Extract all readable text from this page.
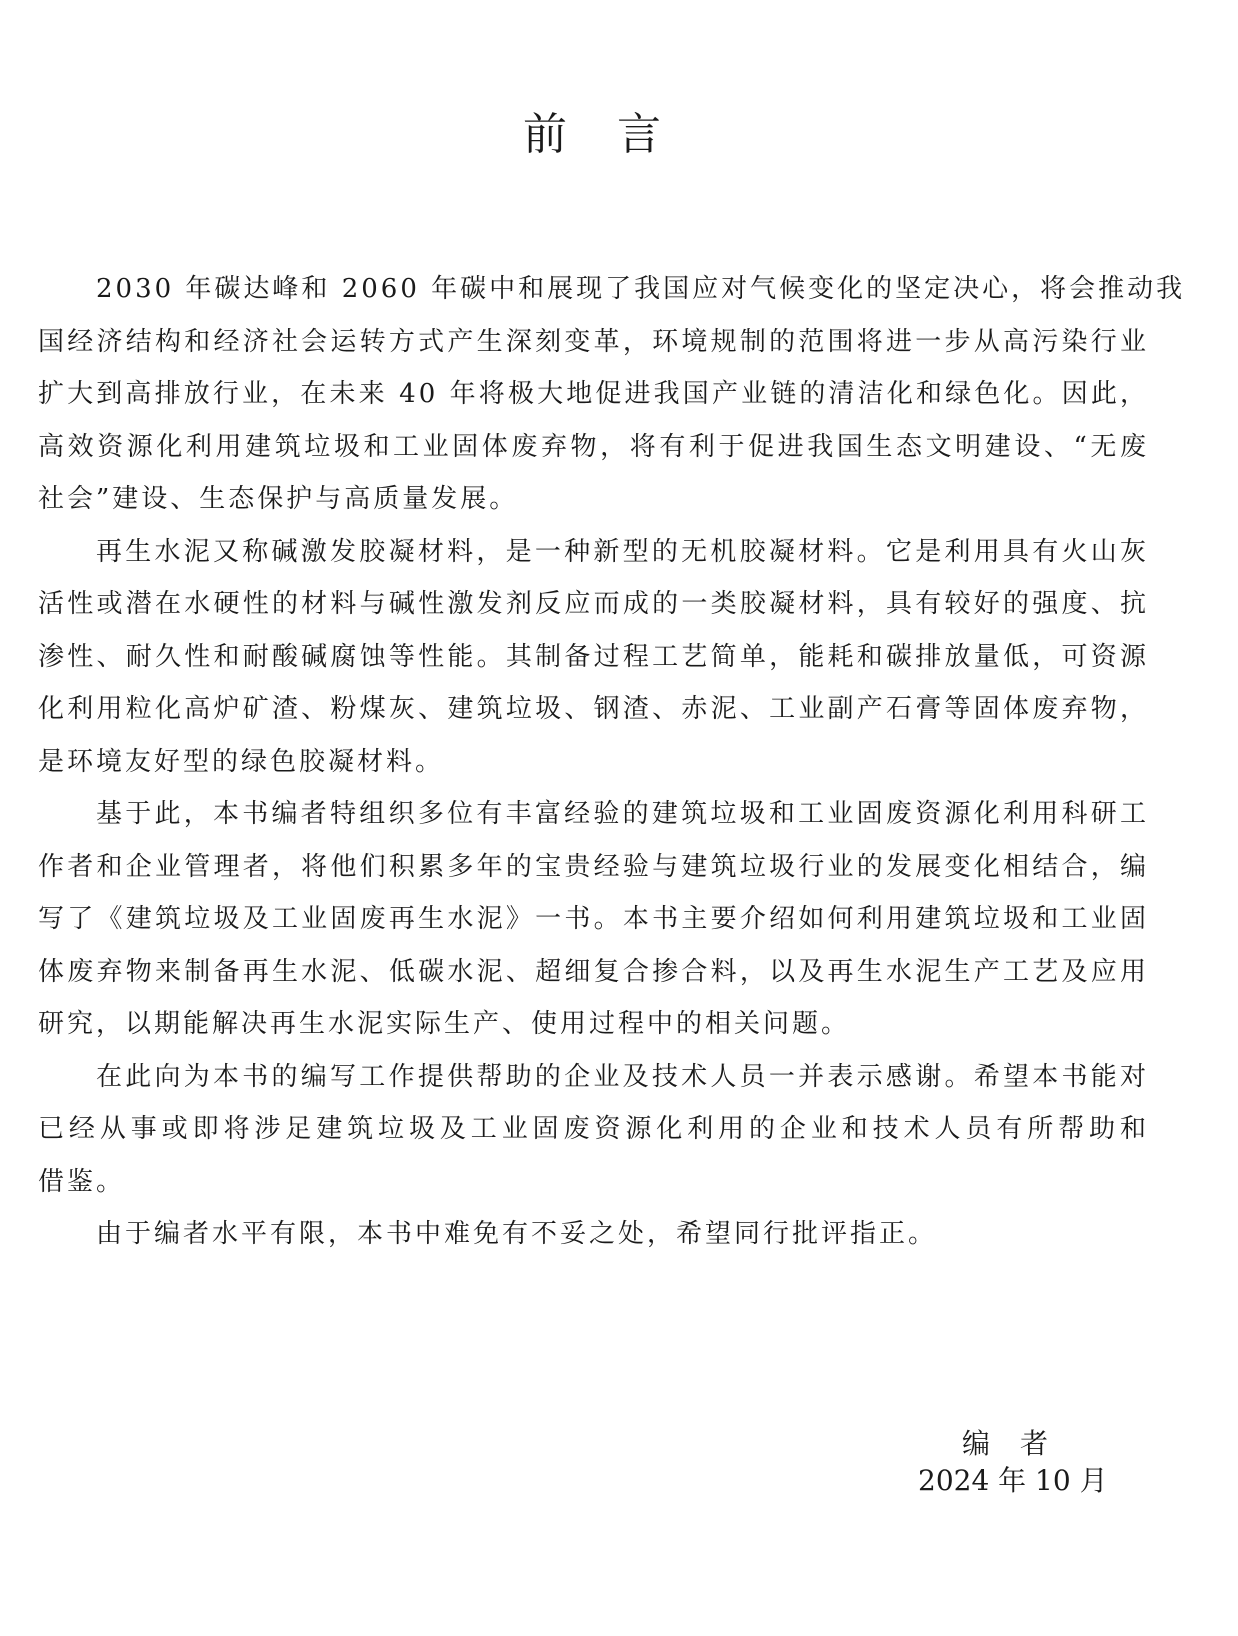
前言
2030 年碳达峰和 2060 年碳中和展现了我国应对气候变化的坚定决心，将会推动我
国经济结构和经济社会运转方式产生深刻变革，环境规制的范围将进一步从高污染行业
扩大到高排放行业，在未来 40 年将极大地促进我国产业链的清洁化和绿色化。因此，
高效资源化利用建筑垃圾和工业固体废弃物，将有利于促进我国生态文明建设、“无废
社会”建设、生态保护与高质量发展。
再生水泥又称碱激发胶凝材料，是一种新型的无机胶凝材料。它是利用具有火山灰
活性或潜在水硬性的材料与碱性激发剂反应而成的一类胶凝材料，具有较好的强度、抗
渗性、耐久性和耐酸碱腐蚀等性能。其制备过程工艺简单，能耗和碳排放量低，可资源
化利用粒化高炉矿渣、粉煤灰、建筑垃圾、钢渣、赤泥、工业副产石膏等固体废弃物，
是环境友好型的绿色胶凝材料。
基于此，本书编者特组织多位有丰富经验的建筑垃圾和工业固废资源化利用科研工
作者和企业管理者，将他们积累多年的宝贵经验与建筑垃圾行业的发展变化相结合，编
写了《建筑垃圾及工业固废再生水泥》一书。本书主要介绍如何利用建筑垃圾和工业固
体废弃物来制备再生水泥、低碳水泥、超细复合掺合料，以及再生水泥生产工艺及应用
研究，以期能解决再生水泥实际生产、使用过程中的相关问题。
在此向为本书的编写工作提供帮助的企业及技术人员一并表示感谢。希望本书能对
已经从事或即将涉足建筑垃圾及工业固废资源化利用的企业和技术人员有所帮助和
借鉴。
由于编者水平有限，本书中难免有不妥之处，希望同行批评指正。
编者
2024 年 10 月
